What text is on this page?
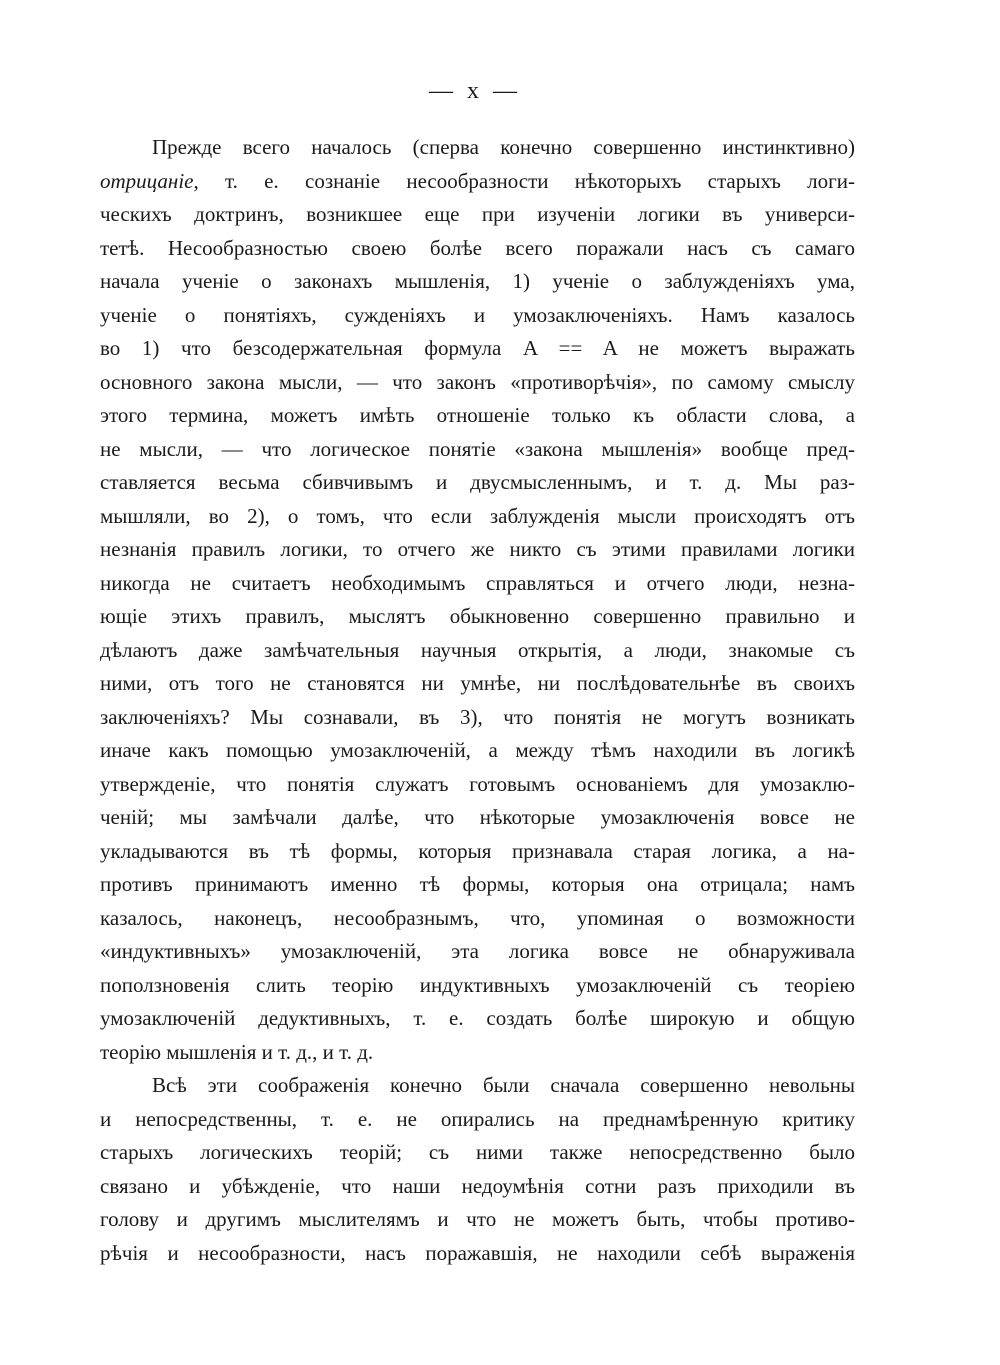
— x —
Прежде всего началось (сперва конечно совершенно инстинктивно)
отрицаніе, т. е. сознаніе несообразности нѣкоторыхъ старыхъ логи-
ческихъ доктринъ, возникшее еще при изученіи логики въ универси-
тетѣ. Несообразностью своею болѣе всего поражали насъ съ самаго
начала ученіе о законахъ мышленія, 1) ученіе о заблужденіяхъ ума,
ученіе о понятіяхъ, сужденіяхъ и умозаключеніяхъ. Намъ казалось
во 1) что безсодержательная формула A == A не можетъ выражать
основного закона мысли, — что законъ «противорѣчія», по самому смыслу
этого термина, можетъ имѣть отношеніе только къ области слова, а
не мысли, — что логическое понятіе «закона мышленія» вообще пред-
ставляется весьма сбивчивымъ и двусмысленнымъ, и т. д. Мы раз-
мышляли, во 2), о томъ, что если заблужденія мысли происходятъ отъ
незнанія правилъ логики, то отчего же никто съ этими правилами логики
никогда не считаетъ необходимымъ справляться и отчего люди, незна-
ющіе этихъ правилъ, мыслятъ обыкновенно совершенно правильно и
дѣлаютъ даже замѣчательныя научныя открытія, а люди, знакомые съ
ними, отъ того не становятся ни умнѣе, ни послѣдовательнѣе въ своихъ
заключеніяхъ? Мы сознавали, въ 3), что понятія не могутъ возникать
иначе какъ помощью умозаключеній, а между тѣмъ находили въ логикѣ
утвержденіе, что понятія служатъ готовымъ основаніемъ для умозаклю-
ченій; мы замѣчали далѣе, что нѣкоторые умозаключенія вовсе не
укладываются въ тѣ формы, которыя признавала старая логика, а на-
противъ принимаютъ именно тѣ формы, которыя она отрицала; намъ
казалось, наконецъ, несообразнымъ, что, упоминая о возможности
«индуктивныхъ» умозаключеній, эта логика вовсе не обнаруживала
поползновенія слить теорію индуктивныхъ умозаключеній съ теоріею
умозаключеній дедуктивныхъ, т. е. создать болѣе широкую и общую
теорію мышленія и т. д., и т. д.
Всѣ эти соображенія конечно были сначала совершенно невольны
и непосредственны, т. е. не опирались на преднамѣренную критику
старыхъ логическихъ теорій; съ ними также непосредственно было
связано и убѣжденіе, что наши недоумѣнія сотни разъ приходили въ
голову и другимъ мыслителямъ и что не можетъ быть, чтобы противо-
рѣчія и несообразности, насъ поражавшія, не находили себѣ выраженія
